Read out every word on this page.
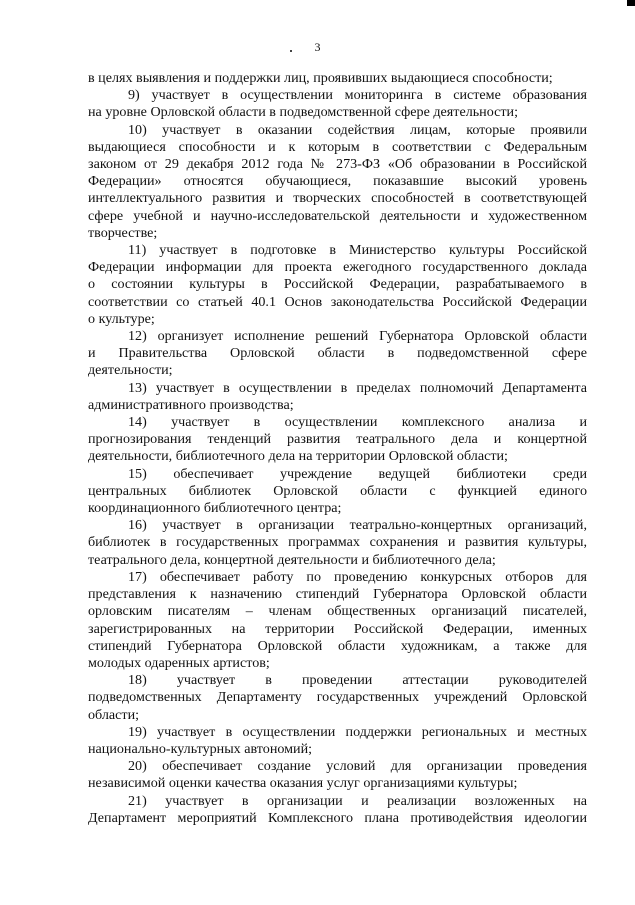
3
в целях выявления и поддержки лиц, проявивших выдающиеся способности;
9) участвует в осуществлении мониторинга в системе образования
на уровне Орловской области в подведомственной сфере деятельности;
10) участвует в оказании содействия лицам, которые проявили
выдающиеся способности и к которым в соответствии с Федеральным
законом от 29 декабря 2012 года № 273-ФЗ «Об образовании в Российской
Федерации» относятся обучающиеся, показавшие высокий уровень
интеллектуального развития и творческих способностей в соответствующей
сфере учебной и научно-исследовательской деятельности и художественном
творчестве;
11) участвует в подготовке в Министерство культуры Российской
Федерации информации для проекта ежегодного государственного доклада
о состоянии культуры в Российской Федерации, разрабатываемого в
соответствии со статьей 40.1 Основ законодательства Российской Федерации
о культуре;
12) организует исполнение решений Губернатора Орловской области
и Правительства Орловской области в подведомственной сфере
деятельности;
13) участвует в осуществлении в пределах полномочий Департамента
административного производства;
14) участвует в осуществлении комплексного анализа и
прогнозирования тенденций развития театрального дела и концертной
деятельности, библиотечного дела на территории Орловской области;
15) обеспечивает учреждение ведущей библиотеки среди
центральных библиотек Орловской области с функцией единого
координационного библиотечного центра;
16) участвует в организации театрально-концертных организаций,
библиотек в государственных программах сохранения и развития культуры,
театрального дела, концертной деятельности и библиотечного дела;
17) обеспечивает работу по проведению конкурсных отборов для
представления к назначению стипендий Губернатора Орловской области
орловским писателям – членам общественных организаций писателей,
зарегистрированных на территории Российской Федерации, именных
стипендий Губернатора Орловской области художникам, а также для
молодых одаренных артистов;
18) участвует в проведении аттестации руководителей
подведомственных Департаменту государственных учреждений Орловской
области;
19) участвует в осуществлении поддержки региональных и местных
национально-культурных автономий;
20) обеспечивает создание условий для организации проведения
независимой оценки качества оказания услуг организациями культуры;
21) участвует в организации и реализации возложенных на
Департамент мероприятий Комплексного плана противодействия идеологии
